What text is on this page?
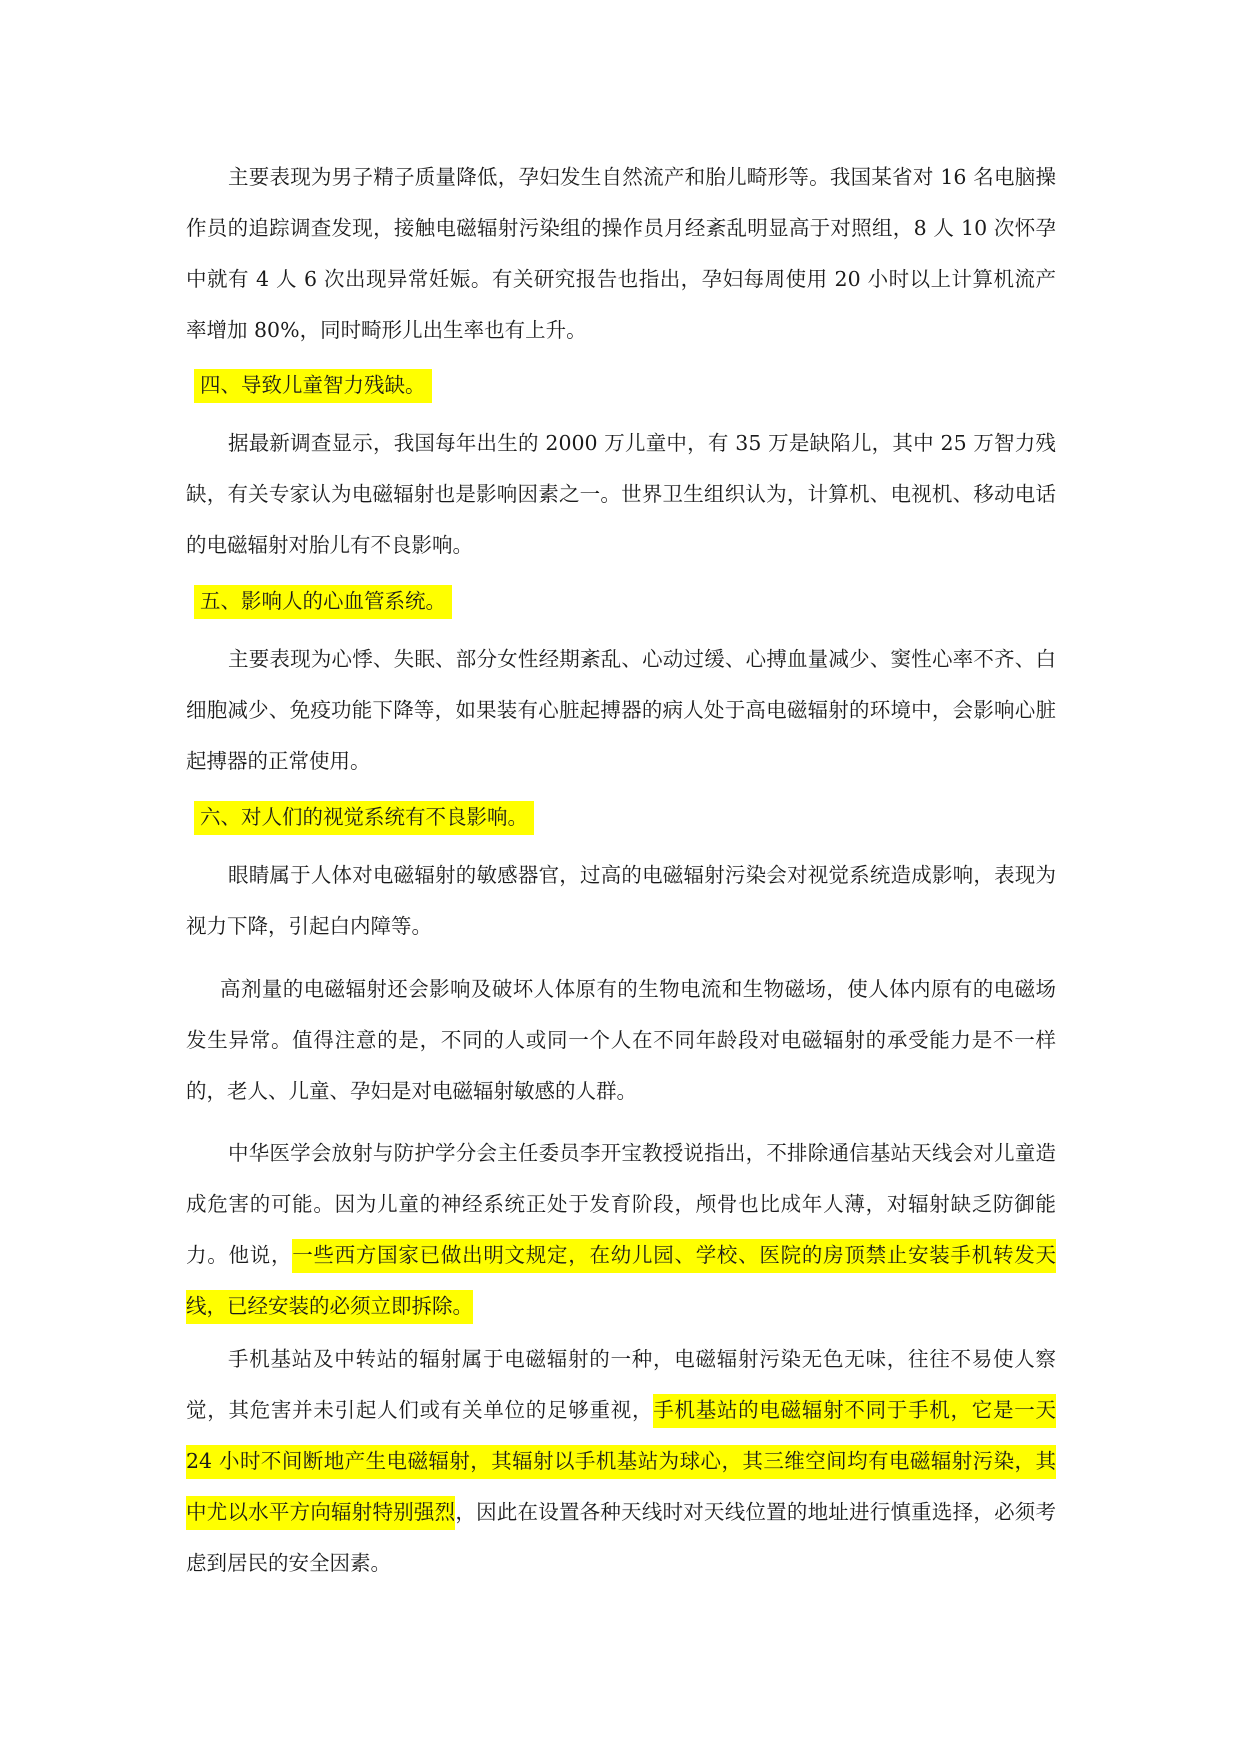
主要表现为男子精子质量降低，孕妇发生自然流产和胎儿畸形等。我国某省对 16 名电脑操作员的追踪调查发现，接触电磁辐射污染组的操作员月经紊乱明显高于对照组，8 人 10 次怀孕中就有 4 人 6 次出现异常妊娠。有关研究报告也指出，孕妇每周使用 20 小时以上计算机流产率增加 80%，同时畸形儿出生率也有上升。

四、导致儿童智力残缺。

据最新调查显示，我国每年出生的 2000 万儿童中，有 35 万是缺陷儿，其中 25 万智力残缺，有关专家认为电磁辐射也是影响因素之一。世界卫生组织认为，计算机、电视机、移动电话的电磁辐射对胎儿有不良影响。

五、影响人的心血管系统。

主要表现为心悸、失眠、部分女性经期紊乱、心动过缓、心搏血量减少、窦性心率不齐、白细胞减少、免疫功能下降等，如果装有心脏起搏器的病人处于高电磁辐射的环境中，会影响心脏起搏器的正常使用。

六、对人们的视觉系统有不良影响。

眼睛属于人体对电磁辐射的敏感器官，过高的电磁辐射污染会对视觉系统造成影响，表现为视力下降，引起白内障等。

高剂量的电磁辐射还会影响及破坏人体原有的生物电流和生物磁场，使人体内原有的电磁场发生异常。值得注意的是，不同的人或同一个人在不同年龄段对电磁辐射的承受能力是不一样的，老人、儿童、孕妇是对电磁辐射敏感的人群。

中华医学会放射与防护学分会主任委员李开宝教授说指出，不排除通信基站天线会对儿童造成危害的可能。因为儿童的神经系统正处于发育阶段，颅骨也比成年人薄，对辐射缺乏防御能力。他说，一些西方国家已做出明文规定，在幼儿园、学校、医院的房顶禁止安装手机转发天线，已经安装的必须立即拆除。

手机基站及中转站的辐射属于电磁辐射的一种，电磁辐射污染无色无味，往往不易使人察觉，其危害并未引起人们或有关单位的足够重视，手机基站的电磁辐射不同于手机，它是一天 24 小时不间断地产生电磁辐射，其辐射以手机基站为球心，其三维空间均有电磁辐射污染，其中尤以水平方向辐射特别强烈，因此在设置各种天线时对天线位置的地址进行慎重选择，必须考虑到居民的安全因素。
